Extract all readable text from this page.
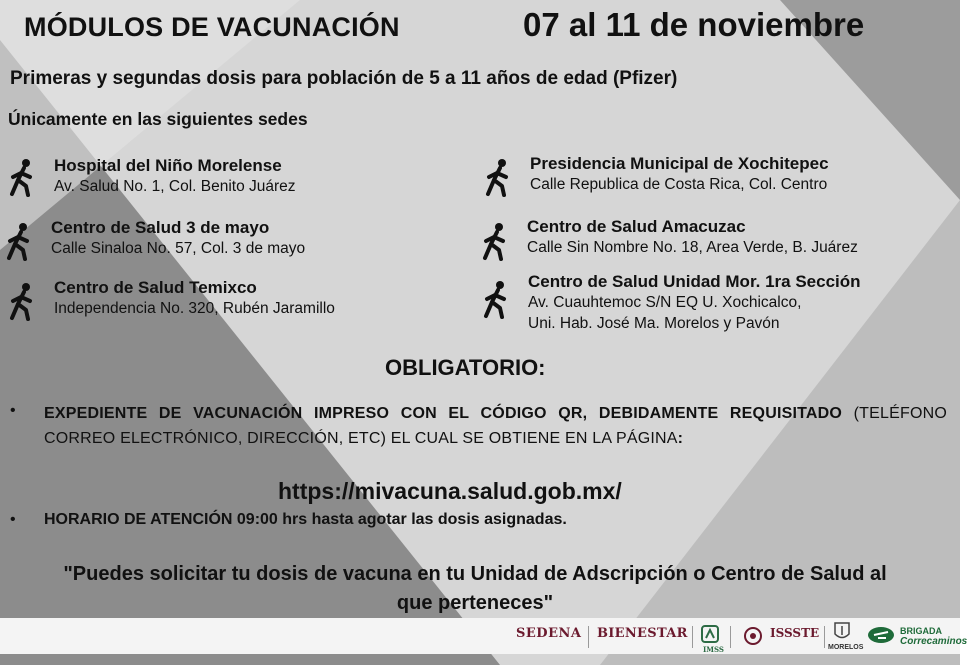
MÓDULOS DE VACUNACIÓN	07 al 11 de noviembre
Primeras y segundas dosis para población de 5 a 11 años de edad (Pfizer)
Únicamente en las siguientes sedes
Hospital del Niño Morelense
Av. Salud No. 1, Col. Benito Juárez
Centro de Salud 3 de mayo
Calle Sinaloa No. 57, Col. 3 de mayo
Centro de Salud Temixco
Independencia No. 320, Rubén Jaramillo
Presidencia Municipal de Xochitepec
Calle Republica de Costa Rica, Col. Centro
Centro de Salud Amacuzac
Calle Sin Nombre No. 18, Area Verde, B. Juárez
Centro de Salud Unidad Mor. 1ra Sección
Av. Cuauhtemoc S/N EQ U. Xochicalco,
Uni. Hab. José Ma. Morelos y Pavón
OBLIGATORIO:
• EXPEDIENTE DE VACUNACIÓN IMPRESO CON EL CÓDIGO QR, DEBIDAMENTE REQUISITADO (TELÉFONO CORREO ELECTRÓNICO, DIRECCIÓN, ETC) EL CUAL SE OBTIENE EN LA PÁGINA:
https://mivacuna.salud.gob.mx/
• HORARIO DE ATENCIÓN 09:00 hrs hasta agotar las dosis asignadas.
"Puedes solicitar tu dosis de vacuna en tu Unidad de Adscripción o Centro de Salud al que perteneces"
SEDENA BIENESTAR
IMSS
ISSSTE
MORELOS
BRIGADA
Correcaminos
